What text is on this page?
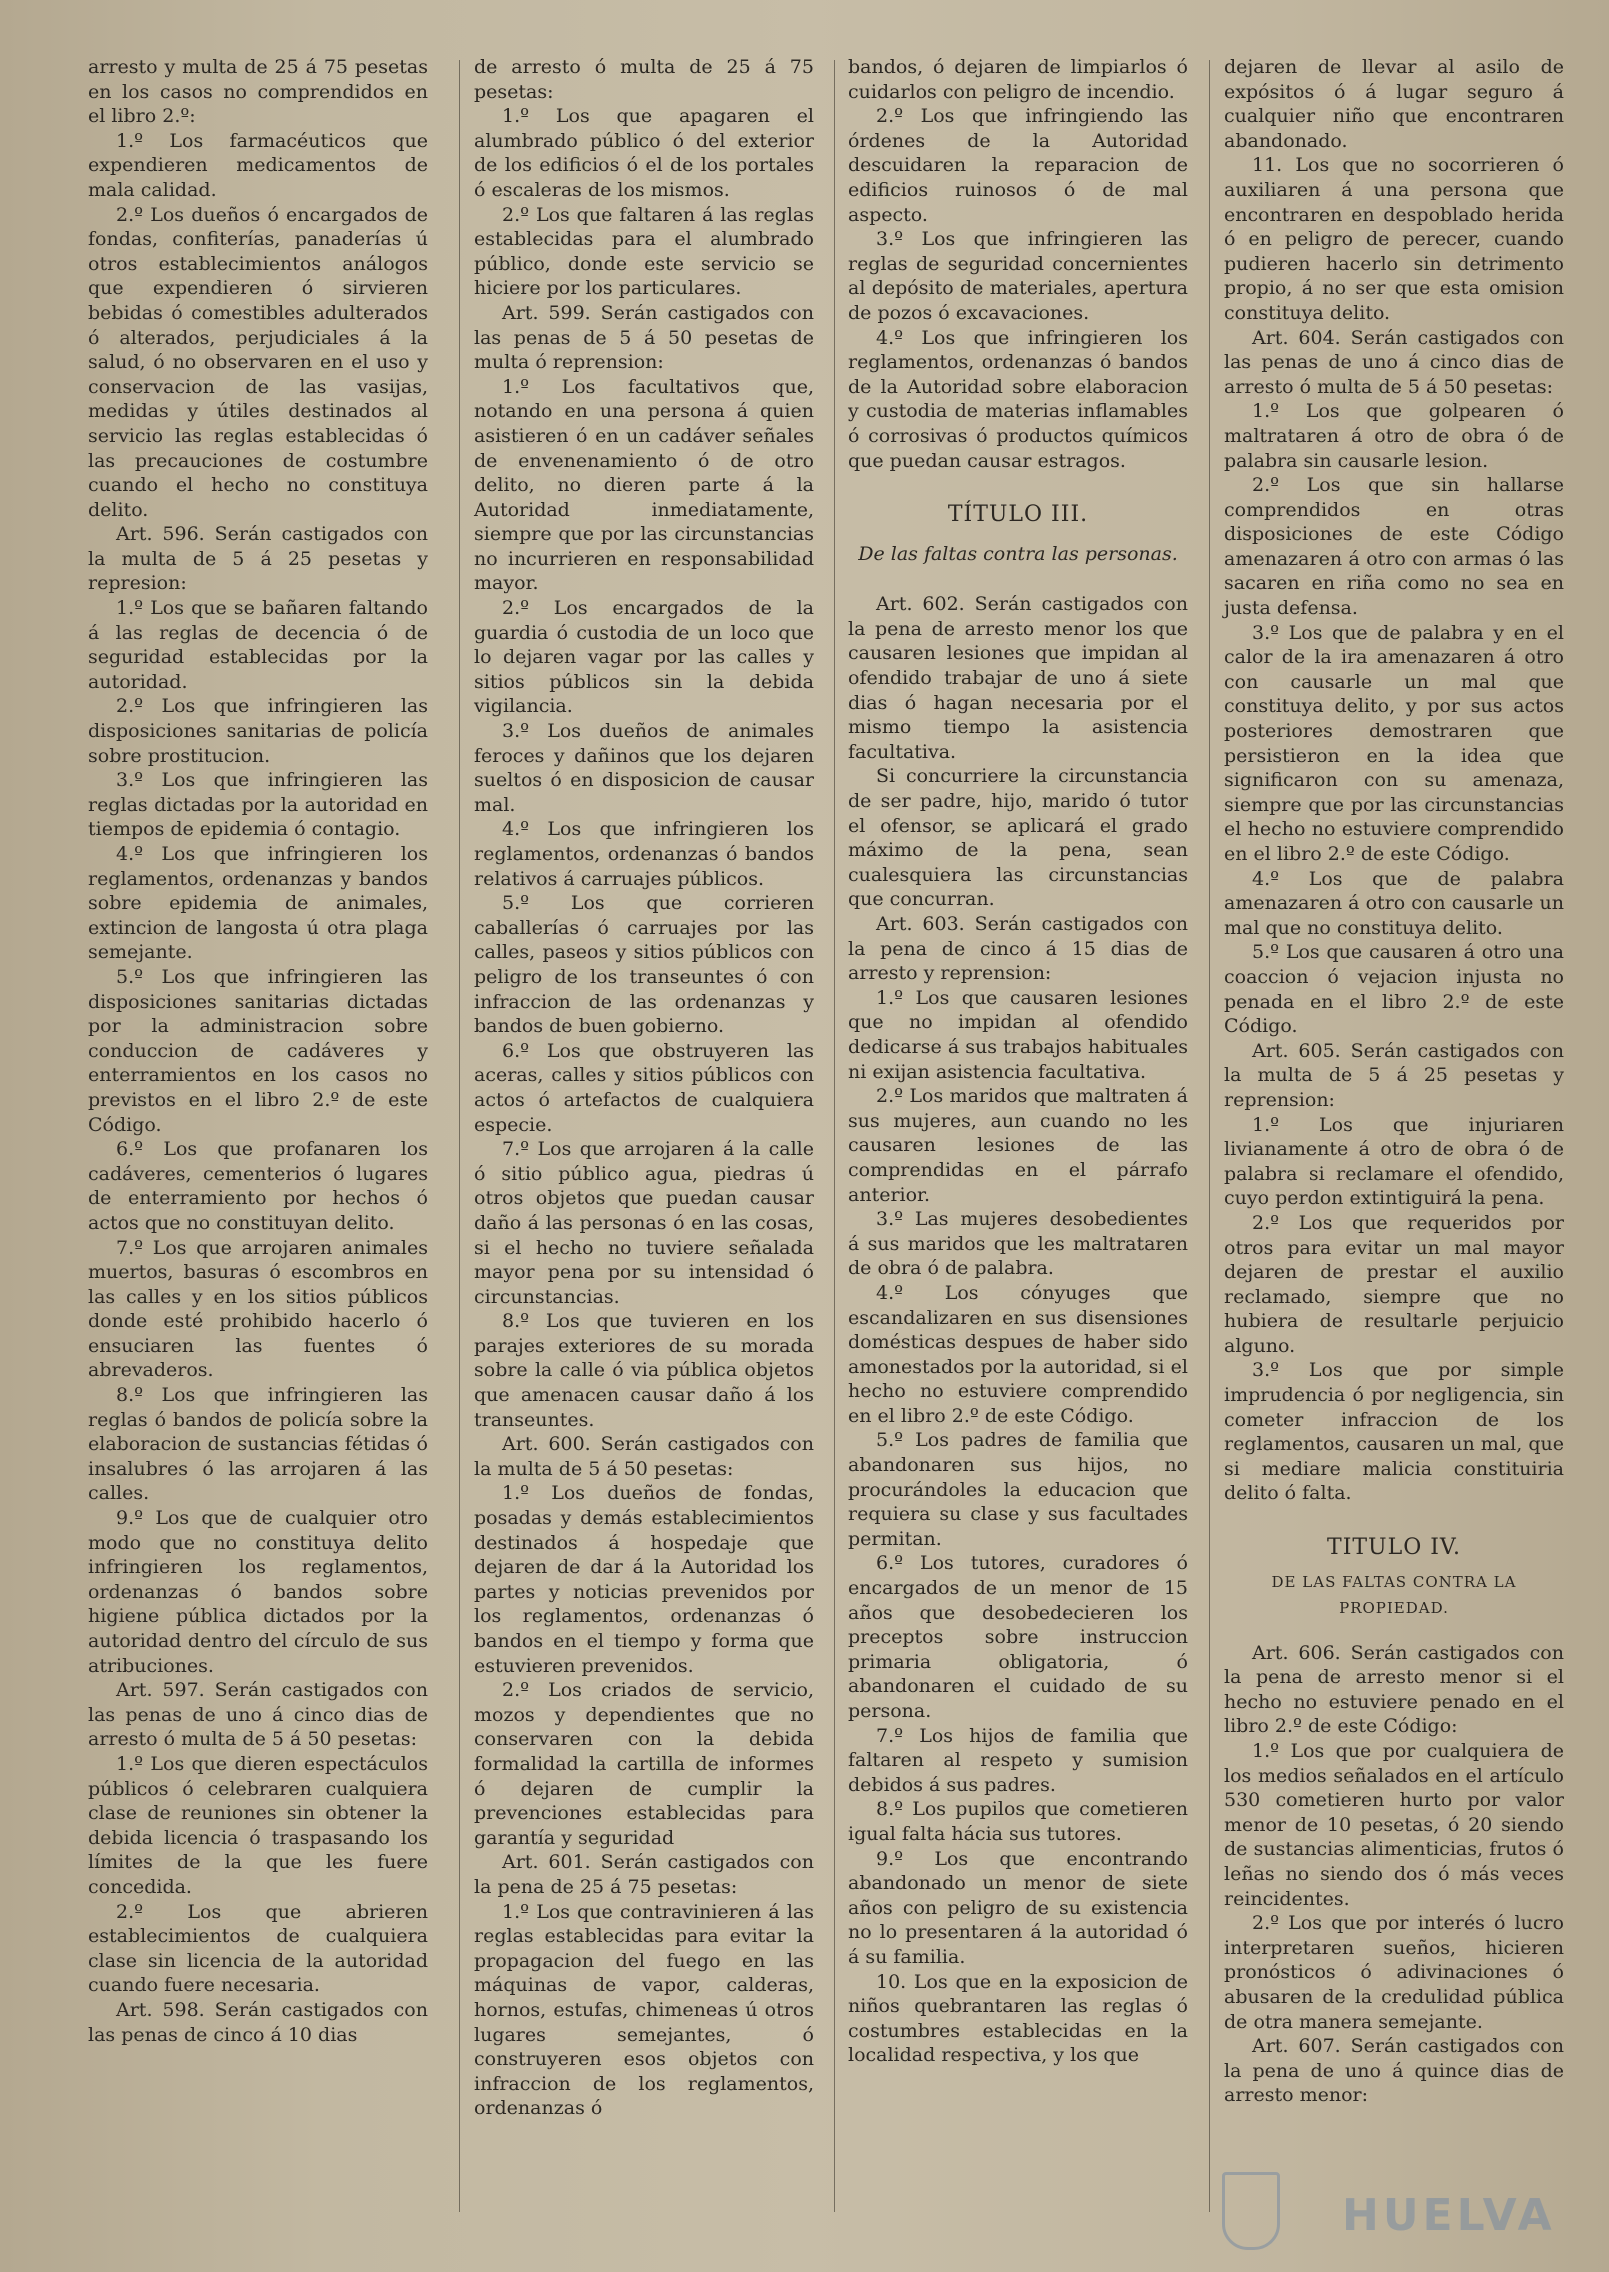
arresto y multa de 25 á 75 pesetas en los casos no comprendidos en el libro 2.º:

1.º Los farmacéuticos que expendieren medicamentos de mala calidad.

2.º Los dueños ó encargados de fondas, confiterías, panaderías ú otros establecimientos análogos que expendieren ó sirvieren bebidas ó comestibles adulterados ó alterados, perjudiciales á la salud, ó no observaren en el uso y conservacion de las vasijas, medidas y útiles destinados al servicio las reglas establecidas ó las precauciones de costumbre cuando el hecho no constituya delito.

Art. 596. Serán castigados con la multa de 5 á 25 pesetas y represion:

1.º Los que se bañaren faltando á las reglas de decencia ó de seguridad establecidas por la autoridad.

2.º Los que infringieren las disposiciones sanitarias de policía sobre prostitucion.

3.º Los que infringieren las reglas dictadas por la autoridad en tiempos de epidemia ó contagio.

4.º Los que infringieren los reglamentos, ordenanzas y bandos sobre epidemia de animales, extincion de langosta ú otra plaga semejante.

5.º Los que infringieren las disposiciones sanitarias dictadas por la administracion sobre conduccion de cadáveres y enterramientos en los casos no previstos en el libro 2.º de este Código.

6.º Los que profanaren los cadáveres, cementerios ó lugares de enterramiento por hechos ó actos que no constituyan delito.

7.º Los que arrojaren animales muertos, basuras ó escombros en las calles y en los sitios públicos donde esté prohibido hacerlo ó ensuciaren las fuentes ó abrevaderos.

8.º Los que infringieren las reglas ó bandos de policía sobre la elaboracion de sustancias fétidas ó insalubres ó las arrojaren á las calles.

9.º Los que de cualquier otro modo que no constituya delito infringieren los reglamentos, ordenanzas ó bandos sobre higiene pública dictados por la autoridad dentro del círculo de sus atribuciones.

Art. 597. Serán castigados con las penas de uno á cinco dias de arresto ó multa de 5 á 50 pesetas:

1.º Los que dieren espectáculos públicos ó celebraren cualquiera clase de reuniones sin obtener la debida licencia ó traspasando los límites de la que les fuere concedida.

2.º Los que abrieren establecimientos de cualquiera clase sin licencia de la autoridad cuando fuere necesaria.

Art. 598. Serán castigados con las penas de cinco á 10 dias

de arresto ó multa de 25 á 75 pesetas:

1.º Los que apagaren el alumbrado público ó del exterior de los edificios ó el de los portales ó escaleras de los mismos.

2.º Los que faltaren á las reglas establecidas para el alumbrado público, donde este servicio se hiciere por los particulares.

Art. 599. Serán castigados con las penas de 5 á 50 pesetas de multa ó reprension:

1.º Los facultativos que, notando en una persona á quien asistieren ó en un cadáver señales de envenenamiento ó de otro delito, no dieren parte á la Autoridad inmediatamente, siempre que por las circunstancias no incurrieren en responsabilidad mayor.

2.º Los encargados de la guardia ó custodia de un loco que lo dejaren vagar por las calles y sitios públicos sin la debida vigilancia.

3.º Los dueños de animales feroces y dañinos que los dejaren sueltos ó en disposicion de causar mal.

4.º Los que infringieren los reglamentos, ordenanzas ó bandos relativos á carruajes públicos.

5.º Los que corrieren caballerías ó carruajes por las calles, paseos y sitios públicos con peligro de los transeuntes ó con infraccion de las ordenanzas y bandos de buen gobierno.

6.º Los que obstruyeren las aceras, calles y sitios públicos con actos ó artefactos de cualquiera especie.

7.º Los que arrojaren á la calle ó sitio público agua, piedras ú otros objetos que puedan causar daño á las personas ó en las cosas, si el hecho no tuviere señalada mayor pena por su intensidad ó circunstancias.

8.º Los que tuvieren en los parajes exteriores de su morada sobre la calle ó via pública objetos que amenacen causar daño á los transeuntes.

Art. 600. Serán castigados con la multa de 5 á 50 pesetas:

1.º Los dueños de fondas, posadas y demás establecimientos destinados á hospedaje que dejaren de dar á la Autoridad los partes y noticias prevenidos por los reglamentos, ordenanzas ó bandos en el tiempo y forma que estuvieren prevenidos.

2.º Los criados de servicio, mozos y dependientes que no conservaren con la debida formalidad la cartilla de informes ó dejaren de cumplir la prevenciones establecidas para garantía y seguridad

Art. 601. Serán castigados con la pena de 25 á 75 pesetas:

1.º Los que contravinieren á las reglas establecidas para evitar la propagacion del fuego en las máquinas de vapor, calderas, hornos, estufas, chimeneas ú otros lugares semejantes, ó construyeren esos objetos con infraccion de los reglamentos, ordenanzas ó

bandos, ó dejaren de limpiarlos ó cuidarlos con peligro de incendio.

2.º Los que infringiendo las órdenes de la Autoridad descuidaren la reparacion de edificios ruinosos ó de mal aspecto.

3.º Los que infringieren las reglas de seguridad concernientes al depósito de materiales, apertura de pozos ó excavaciones.

4.º Los que infringieren los reglamentos, ordenanzas ó bandos de la Autoridad sobre elaboracion y custodia de materias inflamables ó corrosivas ó productos químicos que puedan causar estragos.

TÍTULO III.
De las faltas contra las personas.

Art. 602. Serán castigados con la pena de arresto menor los que causaren lesiones que impidan al ofendido trabajar de uno á siete dias ó hagan necesaria por el mismo tiempo la asistencia facultativa.

Si concurriere la circunstancia de ser padre, hijo, marido ó tutor el ofensor, se aplicará el grado máximo de la pena, sean cualesquiera las circunstancias que concurran.

Art. 603. Serán castigados con la pena de cinco á 15 dias de arresto y reprension:

1.º Los que causaren lesiones que no impidan al ofendido dedicarse á sus trabajos habituales ni exijan asistencia facultativa.

2.º Los maridos que maltraten á sus mujeres, aun cuando no les causaren lesiones de las comprendidas en el párrafo anterior.

3.º Las mujeres desobedientes á sus maridos que les maltrataren de obra ó de palabra.

4.º Los cónyuges que escandalizaren en sus disensiones domésticas despues de haber sido amonestados por la autoridad, si el hecho no estuviere comprendido en el libro 2.º de este Código.

5.º Los padres de familia que abandonaren sus hijos, no procurándoles la educacion que requiera su clase y sus facultades permitan.

6.º Los tutores, curadores ó encargados de un menor de 15 años que desobedecieren los preceptos sobre instruccion primaria obligatoria, ó abandonaren el cuidado de su persona.

7.º Los hijos de familia que faltaren al respeto y sumision debidos á sus padres.

8.º Los pupilos que cometieren igual falta hácia sus tutores.

9.º Los que encontrando abandonado un menor de siete años con peligro de su existencia no lo presentaren á la autoridad ó á su familia.

10. Los que en la exposicion de niños quebrantaren las reglas ó costumbres establecidas en la localidad respectiva, y los que

dejaren de llevar al asilo de expósitos ó á lugar seguro á cualquier niño que encontraren abandonado.

11. Los que no socorrieren ó auxiliaren á una persona que encontraren en despoblado herida ó en peligro de perecer, cuando pudieren hacerlo sin detrimento propio, á no ser que esta omision constituya delito.

Art. 604. Serán castigados con las penas de uno á cinco dias de arresto ó multa de 5 á 50 pesetas:

1.º Los que golpearen ó maltrataren á otro de obra ó de palabra sin causarle lesion.

2.º Los que sin hallarse comprendidos en otras disposiciones de este Código amenazaren á otro con armas ó las sacaren en riña como no sea en justa defensa.

3.º Los que de palabra y en el calor de la ira amenazaren á otro con causarle un mal que constituya delito, y por sus actos posteriores demostraren que persistieron en la idea que significaron con su amenaza, siempre que por las circunstancias el hecho no estuviere comprendido en el libro 2.º de este Código.

4.º Los que de palabra amenazaren á otro con causarle un mal que no constituya delito.

5.º Los que causaren á otro una coaccion ó vejacion injusta no penada en el libro 2.º de este Código.

Art. 605. Serán castigados con la multa de 5 á 25 pesetas y reprension:

1.º Los que injuriaren livianamente á otro de obra ó de palabra si reclamare el ofendido, cuyo perdon extintiguirá la pena.

2.º Los que requeridos por otros para evitar un mal mayor dejaren de prestar el auxilio reclamado, siempre que no hubiera de resultarle perjuicio alguno.

3.º Los que por simple imprudencia ó por negligencia, sin cometer infraccion de los reglamentos, causaren un mal, que si mediare malicia constituiria delito ó falta.

TITULO IV.
DE LAS FALTAS CONTRA LA PROPIEDAD.

Art. 606. Serán castigados con la pena de arresto menor si el hecho no estuviere penado en el libro 2.º de este Código:

1.º Los que por cualquiera de los medios señalados en el artículo 530 cometieren hurto por valor menor de 10 pesetas, ó 20 siendo de sustancias alimenticias, frutos ó leñas no siendo dos ó más veces reincidentes.

2.º Los que por interés ó lucro interpretaren sueños, hicieren pronósticos ó adivinaciones ó abusaren de la credulidad pública de otra manera semejante.

Art. 607. Serán castigados con la pena de uno á quince dias de arresto menor:

HUELVA
